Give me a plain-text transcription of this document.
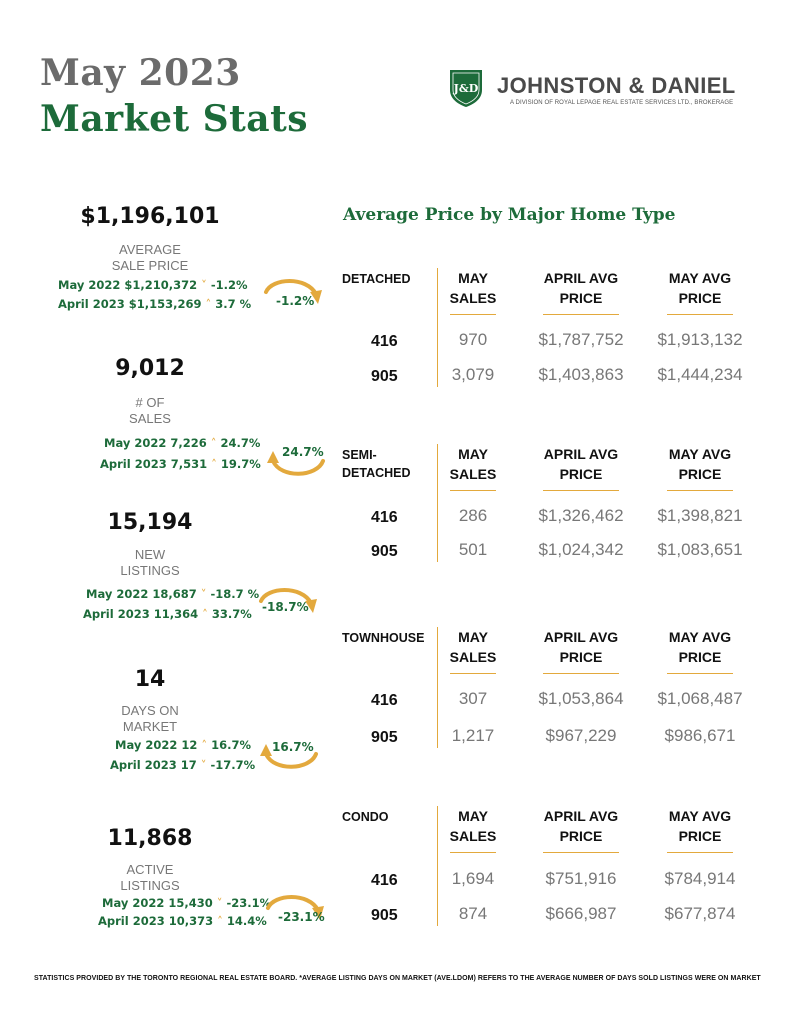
May 2023
Market Stats
J&D JOHNSTON & DANIEL
A DIVISION OF ROYAL LEPAGE REAL ESTATE SERVICES LTD., BROKERAGE
Average Price by Major Home Type
$1,196,101
AVERAGE
SALE PRICE
May 2022 $1,210,372 ˅ -1.2%
April 2023 $1,153,269 ˄ 3.7 % -1.2%
9,012
# OF
SALES
May 2022 7,226 ˄ 24.7%
April 2023 7,531 ˄ 19.7%
24.7%
15,194
NEW
LISTINGS
May 2022 18,687 ˅ -18.7 %
April 2023 11,364 ˄ 33.7% -18.7%
14
DAYS ON
MARKET
May 2022 12 ˄ 16.7%
April 2023 17 ˅ -17.7%
16.7%
11,868
ACTIVE
LISTINGS
May 2022 15,430 ˅ -23.1%
April 2023 10,373 ˄ 14.4% -23.1%
DETACHED	MAY
SALES
APRIL AVG
PRICE
MAY AVG
PRICE
416	970	$1,787,752	$1,913,132
905	3,079	$1,403,863	$1,444,234
SEMI-
DETACHED
MAY
SALES
APRIL AVG
PRICE
MAY AVG
PRICE
416	286	$1,326,462	$1,398,821
905	501	$1,024,342	$1,083,651
TOWNHOUSE	MAY
SALES
APRIL AVG
PRICE
MAY AVG
PRICE
416	307	$1,053,864	$1,068,487
905	1,217	$967,229	$986,671
CONDO	MAY
SALES
APRIL AVG
PRICE
MAY AVG
PRICE
416	1,694	$751,916	$784,914
905	874	$666,987	$677,874
STATISTICS PROVIDED BY THE TORONTO REGIONAL REAL ESTATE BOARD. *AVERAGE LISTING DAYS ON MARKET (AVE.LDOM) REFERS TO THE AVERAGE NUMBER OF DAYS SOLD LISTINGS WERE ON MARKET
